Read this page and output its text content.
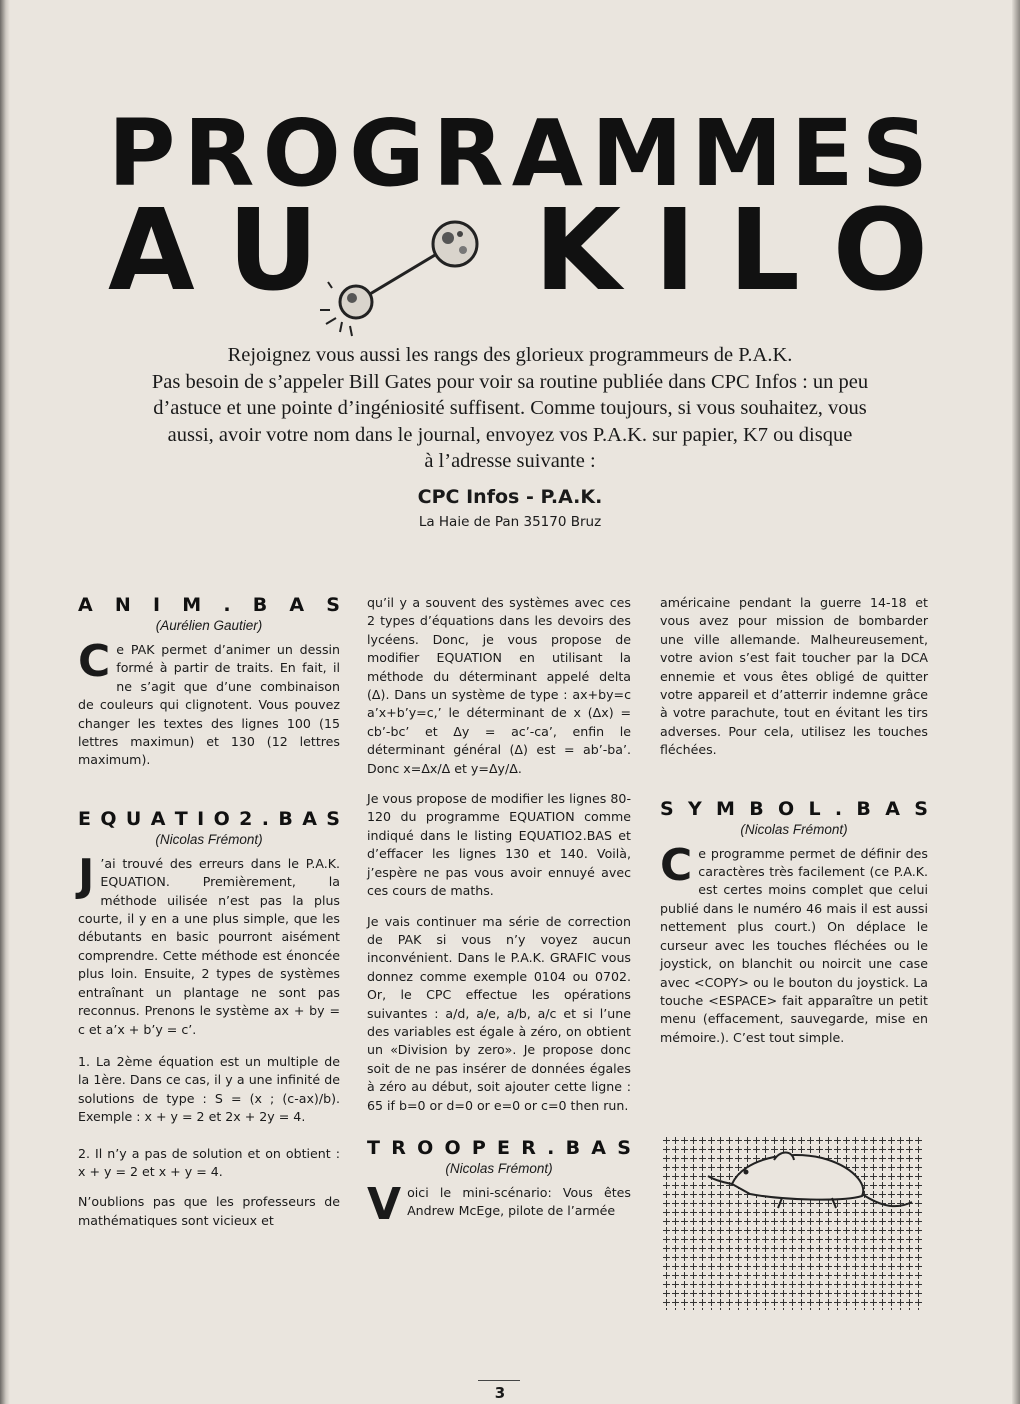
P R O G R A M M E S
A U K I L O

Rejoignez vous aussi les rangs des glorieux programmeurs de P.A.K.

Pas besoin de s’appeler Bill Gates pour voir sa routine publiée dans CPC Infos : un peu

d’astuce et une pointe d’ingéniosité suffisent. Comme toujours, si vous souhaitez, vous

aussi, avoir votre nom dans le journal, envoyez vos P.A.K. sur papier, K7 ou disque

à l’adresse suivante :

CPC Infos - P.A.K.
La Haie de Pan 35170 Bruz
A N I M . B A S
(Aurélien Gautier)

Ce PAK permet d’animer un dessin formé à partir de traits. En fait, il ne s’agit que d’une combinaison de couleurs qui clignotent. Vous pouvez changer les textes des lignes 100 (15 lettres maximun) et 130 (12 lettres maximum).

E Q U A T I O 2 . B A S
(Nicolas Frémont)

J ’ai trouvé des erreurs dans le P.A.K. EQUATION. Premièrement, la méthode uilisée n’est pas la plus courte, il y en a une plus simple, que les débutants en basic pourront aisément comprendre. Cette méthode est énoncée plus loin. Ensuite, 2 types de systèmes entraînant un plantage ne sont pas reconnus. Prenons le système ax + by = c et a’x + b’y = c’.

1. La 2ème équation est un multiple de la 1ère. Dans ce cas, il y a une infinité de solutions de type : S = (x ; (c-ax)/b). Exemple : x + y = 2 et 2x + 2y = 4.

2. Il n’y a pas de solution et on obtient : x + y = 2 et x + y = 4.

N’oublions pas que les professeurs de mathématiques sont vicieux et

qu’il y a souvent des systèmes avec ces 2 types d’équations dans les devoirs des lycéens. Donc, je vous propose de modifier EQUATION en utilisant la méthode du déterminant appelé delta (Δ). Dans un système de type : ax+by=c a’x+b’y=c,’ le déterminant de x (Δx) = cb’-bc’ et Δy = ac’-ca’, enfin le déterminant général (Δ) est = ab’-ba’. Donc x=Δx/Δ et y=Δy/Δ.

Je vous propose de modifier les lignes 80-120 du programme EQUATION comme indiqué dans le listing EQUATIO2.BAS et d’effacer les lignes 130 et 140. Voilà, j’espère ne pas vous avoir ennuyé avec ces cours de maths.

Je vais continuer ma série de correction de PAK si vous n’y voyez aucun inconvénient. Dans le P.A.K. GRAFIC vous donnez comme exemple 0104 ou 0702. Or, le CPC effectue les opérations suivantes : a/d, a/e, a/b, a/c et si l’une des variables est égale à zéro, on obtient un «Division by zero». Je propose donc soit de ne pas insérer de données égales à zéro au début, soit ajouter cette ligne : 65 if b=0 or d=0 or e=0 or c=0 then run.

T R O O P E R . B A S
(Nicolas Frémont)

Voici le mini-scénario: Vous êtes Andrew McEge, pilote de l’armée

américaine pendant la guerre 14-18 et vous avez pour mission de bombarder une ville allemande. Malheureusement, votre avion s’est fait toucher par la DCA ennemie et vous êtes obligé de quitter votre appareil et d’atterrir indemne grâce à votre parachute, tout en évitant les tirs adverses. Pour cela, utilisez les touches fléchées.

S Y M B O L . B A S
(Nicolas Frémont)

Ce programme permet de définir des caractères très facilement (ce P.A.K. est certes moins complet que celui publié dans le numéro 46 mais il est aussi nettement plus court.) On déplace le curseur avec les touches fléchées ou le joystick, on blanchit ou noircit une case avec <COPY> ou le bouton du joystick. La touche <ESPACE> fait apparaître un petit menu (effacement, sauvegarde, mise en mémoire.). C’est tout simple.

3
